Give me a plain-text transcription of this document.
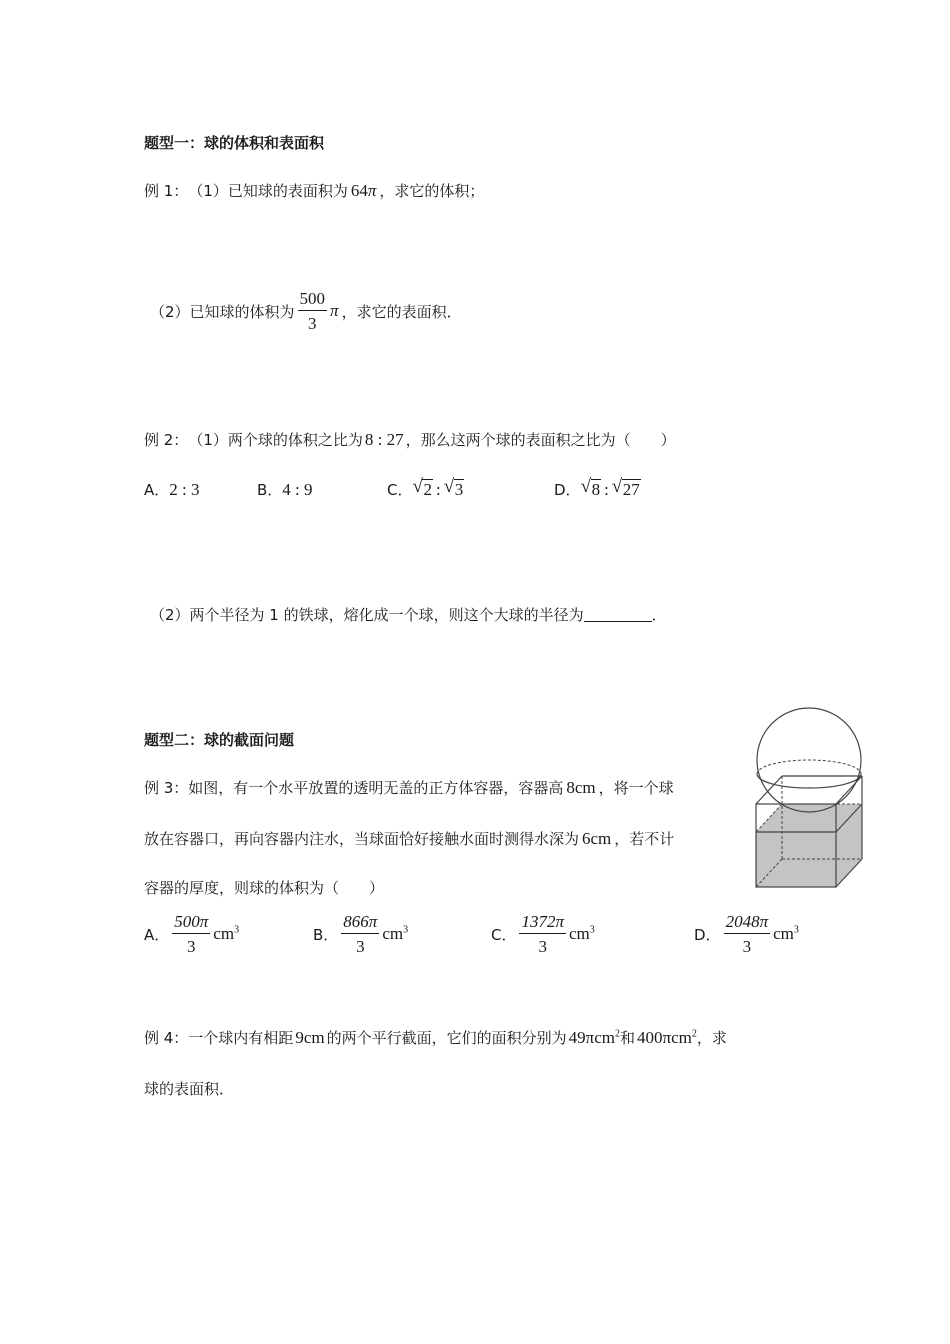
题型一：球的体积和表面积
例 1： （1）已知球的表面积为 64 π ，求它的体积；
（2）已知球的体积为 $\frac{500}{3}$ π ，求它的表面积．
例 2： （1）两个球的体积之比为 8 : 27 ，那么这两个球的表面积之比为（　　）
A． 2 : 3	B． 4 : 9	C． √ 2 : √ 3	D． √ 8 : √ 27
（2）两个半径为 1 的铁球，熔化成一个球，则这个大球的半径为	．
题型二：球的截面问题
例 3：如图，有一个水平放置的透明无盖的正方体容器，容器高 8cm ，将一个球
放在容器口，再向容器内注水，当球面恰好接触水面时测得水深为 6cm ，若不计
容器的厚度，则球的体积为（　　）
A． $\frac{500\pi}{3} cm^3$	B． $\frac{866\pi}{3} cm^3$	C． $\frac{1372\pi}{3} cm^3$	D． $\frac{2048\pi}{3} cm^3$
例 4：一个球内有相距 9cm 的两个平行截面，它们的面积分别为 49πcm$^2$ 和 400πcm$^2$ ，求
球的表面积．
